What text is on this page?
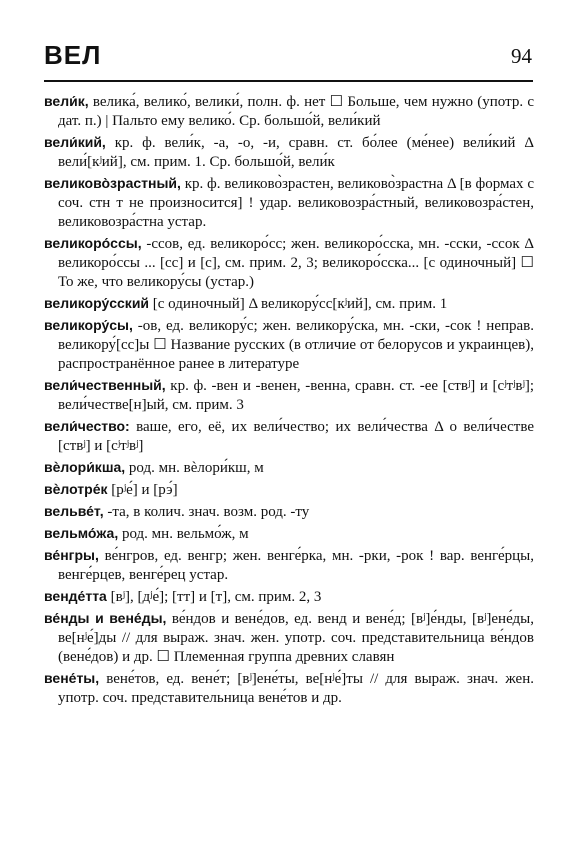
ВЕЛ	94

вели́к, велика́, велико́, велики́, полн. ф. нет ☐ Больше, чем нужно (употр. с дат. п.) | Пальто ему велико́. Ср. большо́й, вели́кий

вели́кий, кр. ф. вели́к, -а, -о, -и, сравн. ст. бо́лее (ме́нее) вели́кий Δ вели́[кʲий], см. прим. 1. Ср. большо́й, вели́к

великово̀зрастный, кр. ф. великово̀зрастен, великово̀зрастна Δ [в формах с соч. стн т не произносится] ! удар. великовозра́стный, великовозра́стен, великовозра́стна устар.

великоро́ссы, -ссов, ед. великоро́сс; жен. великоро́сска, мн. -сски, -ссок Δ великоро́ссы ... [сс] и [с], см. прим. 2, 3; великоро́сска... [с одиночный] ☐ То же, что великору́сы (устар.)

великору́сский [с одиночный] Δ великору́сс[кʲий], см. прим. 1

великору́сы, -ов, ед. великору́с; жен. великору́ска, мн. -ски, -сок ! неправ. великору́[сс]ы ☐ Название русских (в отличие от белорусов и украинцев), распространённое ранее в литературе

вели́чественный, кр. ф. -вен и -венен, -венна, сравн. ст. -ее [ствʲ] и [сʲтʲвʲ]; вели́честве[н]ый, см. прим. 3

вели́чество: ваше, его, её, их вели́чество; их вели́чества Δ о вели́честве [ствʲ] и [сʲтʲвʲ]

вѐлори́кша, род. мн. вѐлори́кш, м

вѐлотре́к [рʲе́] и [рэ́]

вельве́т, -та, в колич. знач. возм. род. -ту

вельмо́жа, род. мн. вельмо́ж, м

ве́нгры, ве́нгров, ед. венгр; жен. венге́рка, мн. -рки, -рок ! вар. венге́рцы, венге́рцев, венге́рец устар.

венде́тта [вʲ], [дʲе́]; [тт] и [т], см. прим. 2, 3

ве́нды и вене́ды, ве́ндов и вене́дов, ед. венд и вене́д; [вʲ]е́нды, [вʲ]ене́ды, ве[нʲе́]ды // для выраж. знач. жен. употр. соч. представительница ве́ндов (вене́дов) и др. ☐ Племенная группа древних славян

вене́ты, вене́тов, ед. вене́т; [вʲ]ене́ты, ве[нʲе́]ты // для выраж. знач. жен. употр. соч. представительница вене́тов и др.
